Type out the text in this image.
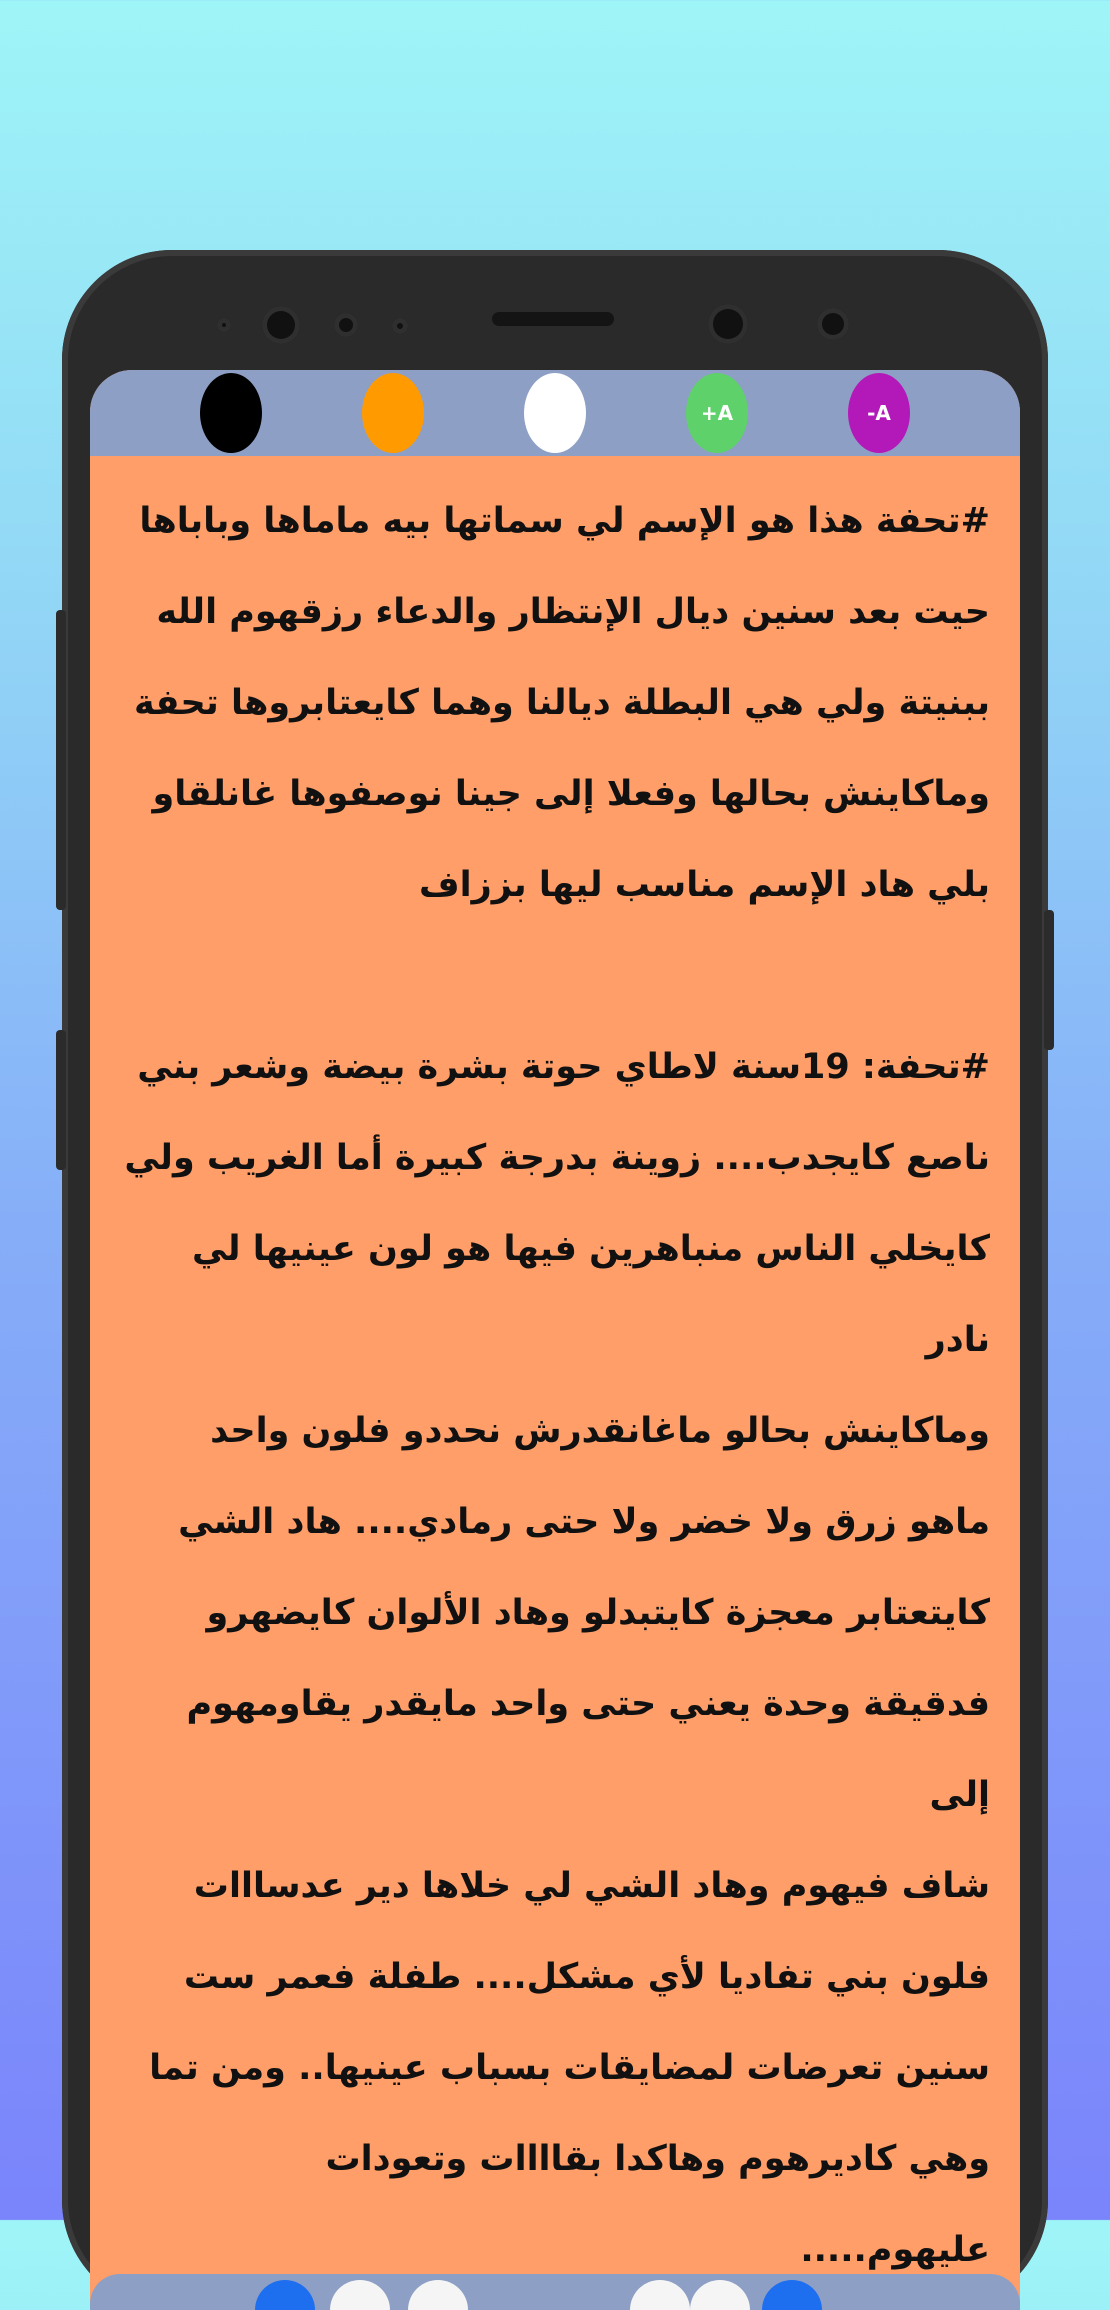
+A	-A

#تحفة هذا هو الإسم لي سماتها بيه ماماها وباباها

حيت بعد سنين ديال الإنتظار والدعاء رزقهوم الله

ببنيتة ولي هي البطلة ديالنا وهما كايعتابروها تحفة

وماكاينش بحالها وفعلا إلى جينا نوصفوها غانلقاو

بلي هاد الإسم مناسب ليها بززاف

#تحفة: 19سنة لاطاي حوتة بشرة بيضة وشعر بني

ناصع كايجدب.... زوينة بدرجة كبيرة أما الغريب ولي

كايخلي الناس منباهرين فيها هو لون عينيها لي نادر

وماكاينش بحالو ماغانقدرش نحددو فلون واحد

ماهو زرق ولا خضر ولا حتى رمادي.... هاد الشي

كايتعتابر معجزة كايتبدلو وهاد الألوان كايضهرو

فدقيقة وحدة يعني حتى واحد مايقدر يقاومهوم إلى

شاف فيهوم وهاد الشي لي خلاها دير عدسااات

فلون بني تفاديا لأي مشكل.... طفلة فعمر ست

سنين تعرضات لمضايقات بسباب عينيها.. ومن تما

وهي كاديرهوم وهاكدا بقاااات وتعودات

عليهوم.....
